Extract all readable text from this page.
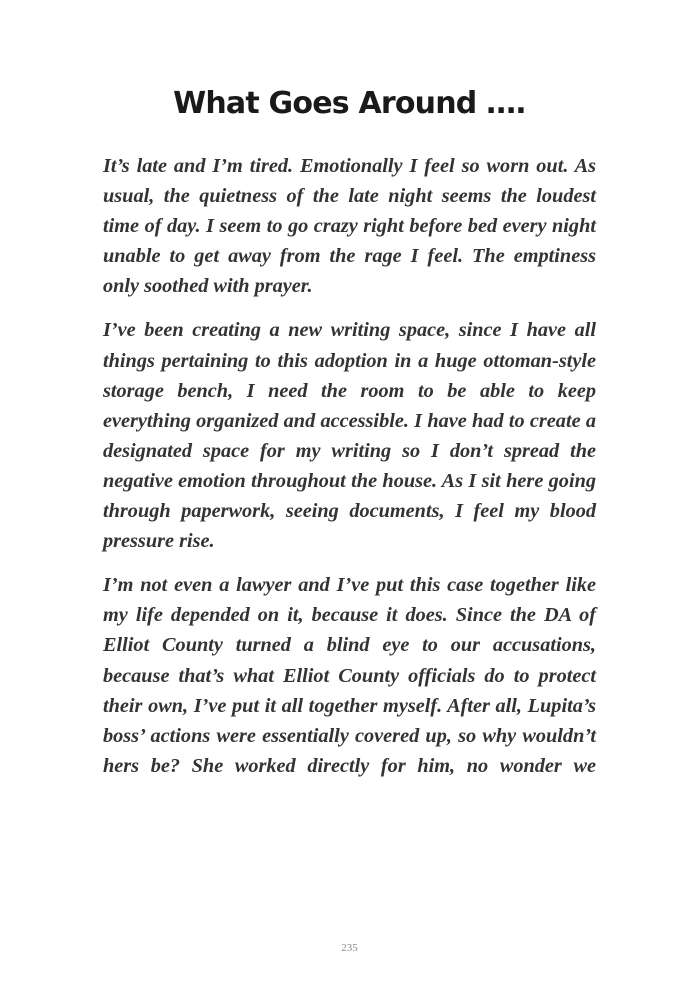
What Goes Around ….

It’s late and I’m tired. Emotionally I feel so worn out. As usual, the quietness of the late night seems the loudest time of day. I seem to go crazy right before bed every night unable to get away from the rage I feel. The emptiness only soothed with prayer.

I’ve been creating a new writing space, since I have all things pertaining to this adoption in a huge ottoman-style storage bench, I need the room to be able to keep everything organized and accessible. I have had to create a designated space for my writing so I don’t spread the negative emotion throughout the house. As I sit here going through paperwork, seeing documents, I feel my blood pressure rise.

I’m not even a lawyer and I’ve put this case together like my life depended on it, because it does. Since the DA of Elliot County turned a blind eye to our accusations, because that’s what Elliot County officials do to protect their own, I’ve put it all together myself. After all, Lupita’s boss’ actions were essentially covered up, so why wouldn’t hers be? She worked directly for him, no wonder we

235
